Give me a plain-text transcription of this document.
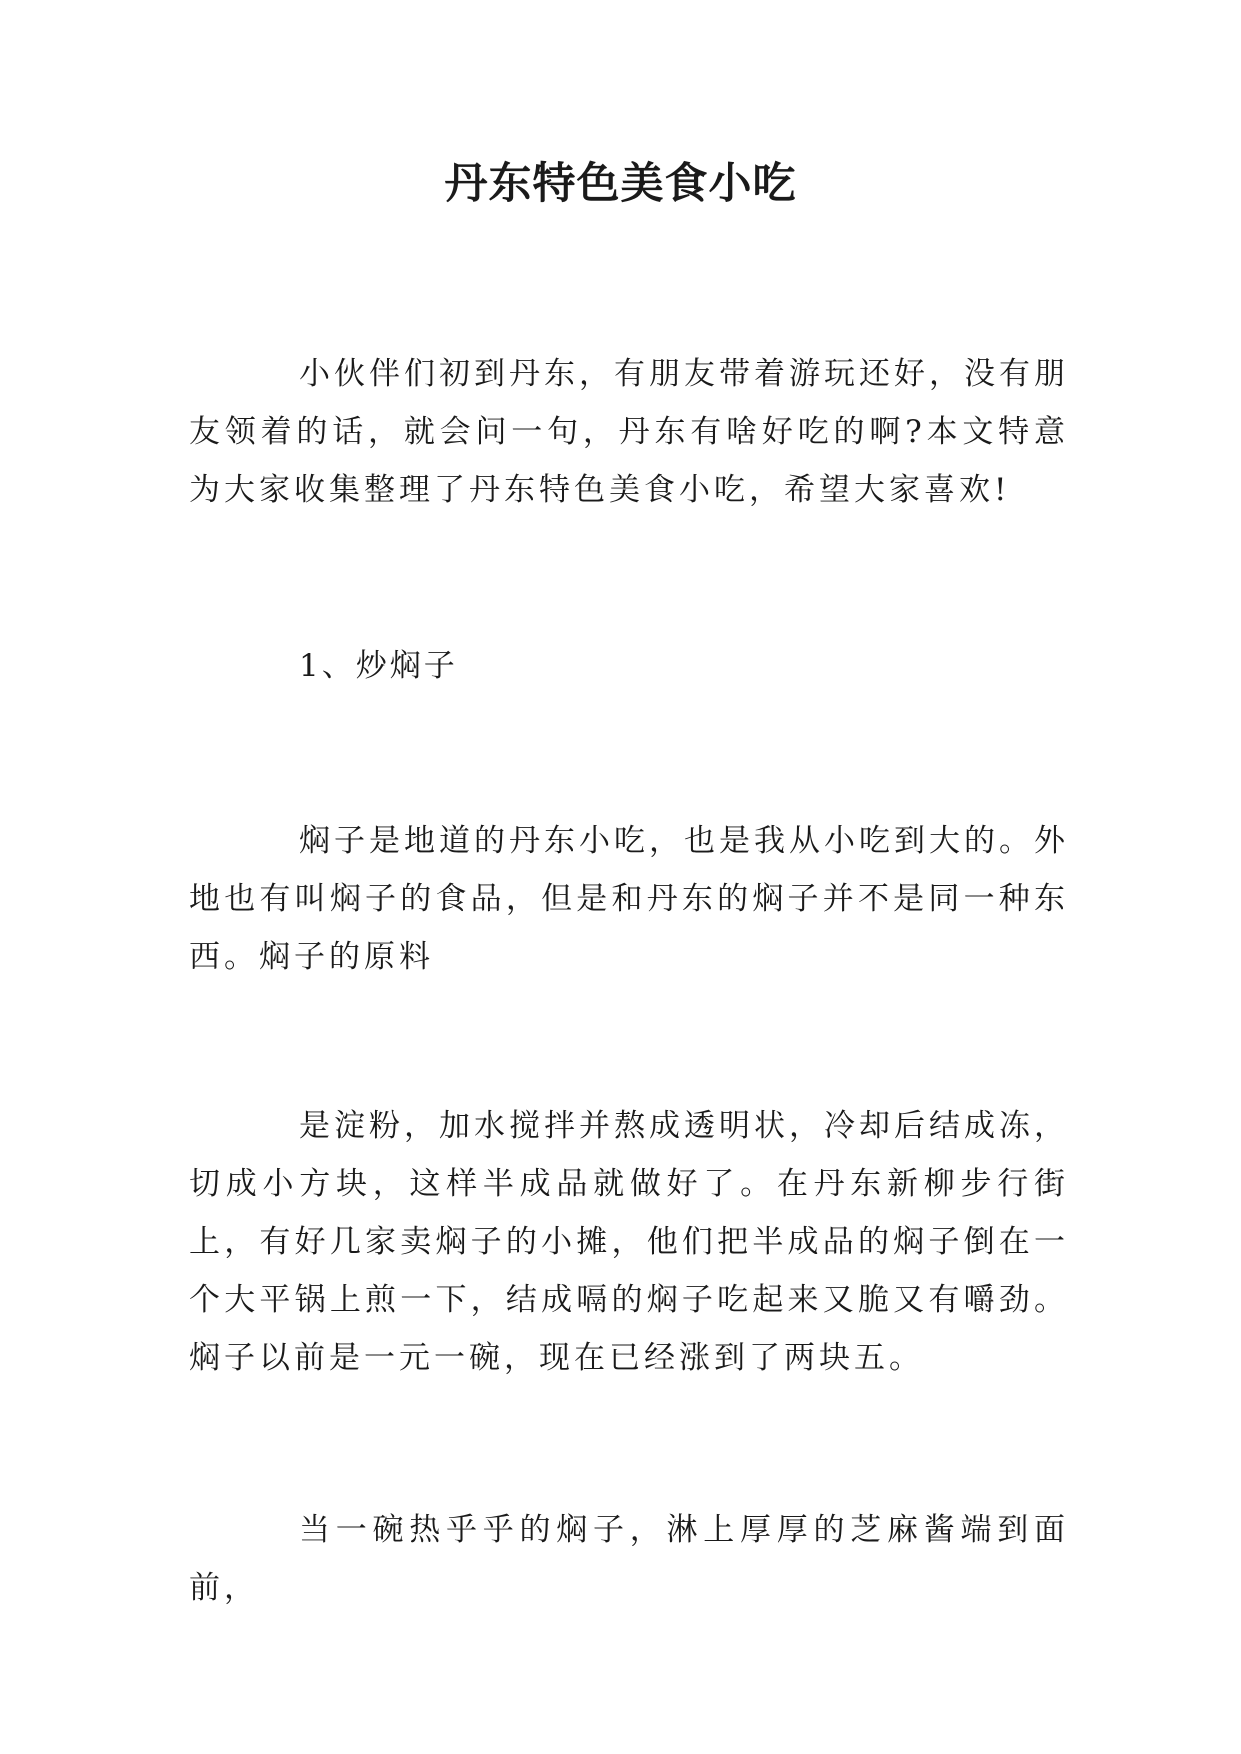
丹东特色美食小吃

小伙伴们初到丹东，有朋友带着游玩还好，没有朋友领着的话，就会问一句，丹东有啥好吃的啊?本文特意为大家收集整理了丹东特色美食小吃，希望大家喜欢!

1、炒焖子

焖子是地道的丹东小吃，也是我从小吃到大的。外地也有叫焖子的食品，但是和丹东的焖子并不是同一种东西。焖子的原料

是淀粉，加水搅拌并熬成透明状，冷却后结成冻，切成小方块，这样半成品就做好了。在丹东新柳步行街上，有好几家卖焖子的小摊，他们把半成品的焖子倒在一个大平锅上煎一下，结成嗝的焖子吃起来又脆又有嚼劲。焖子以前是一元一碗，现在已经涨到了两块五。

当一碗热乎乎的焖子，淋上厚厚的芝麻酱端到面前，
